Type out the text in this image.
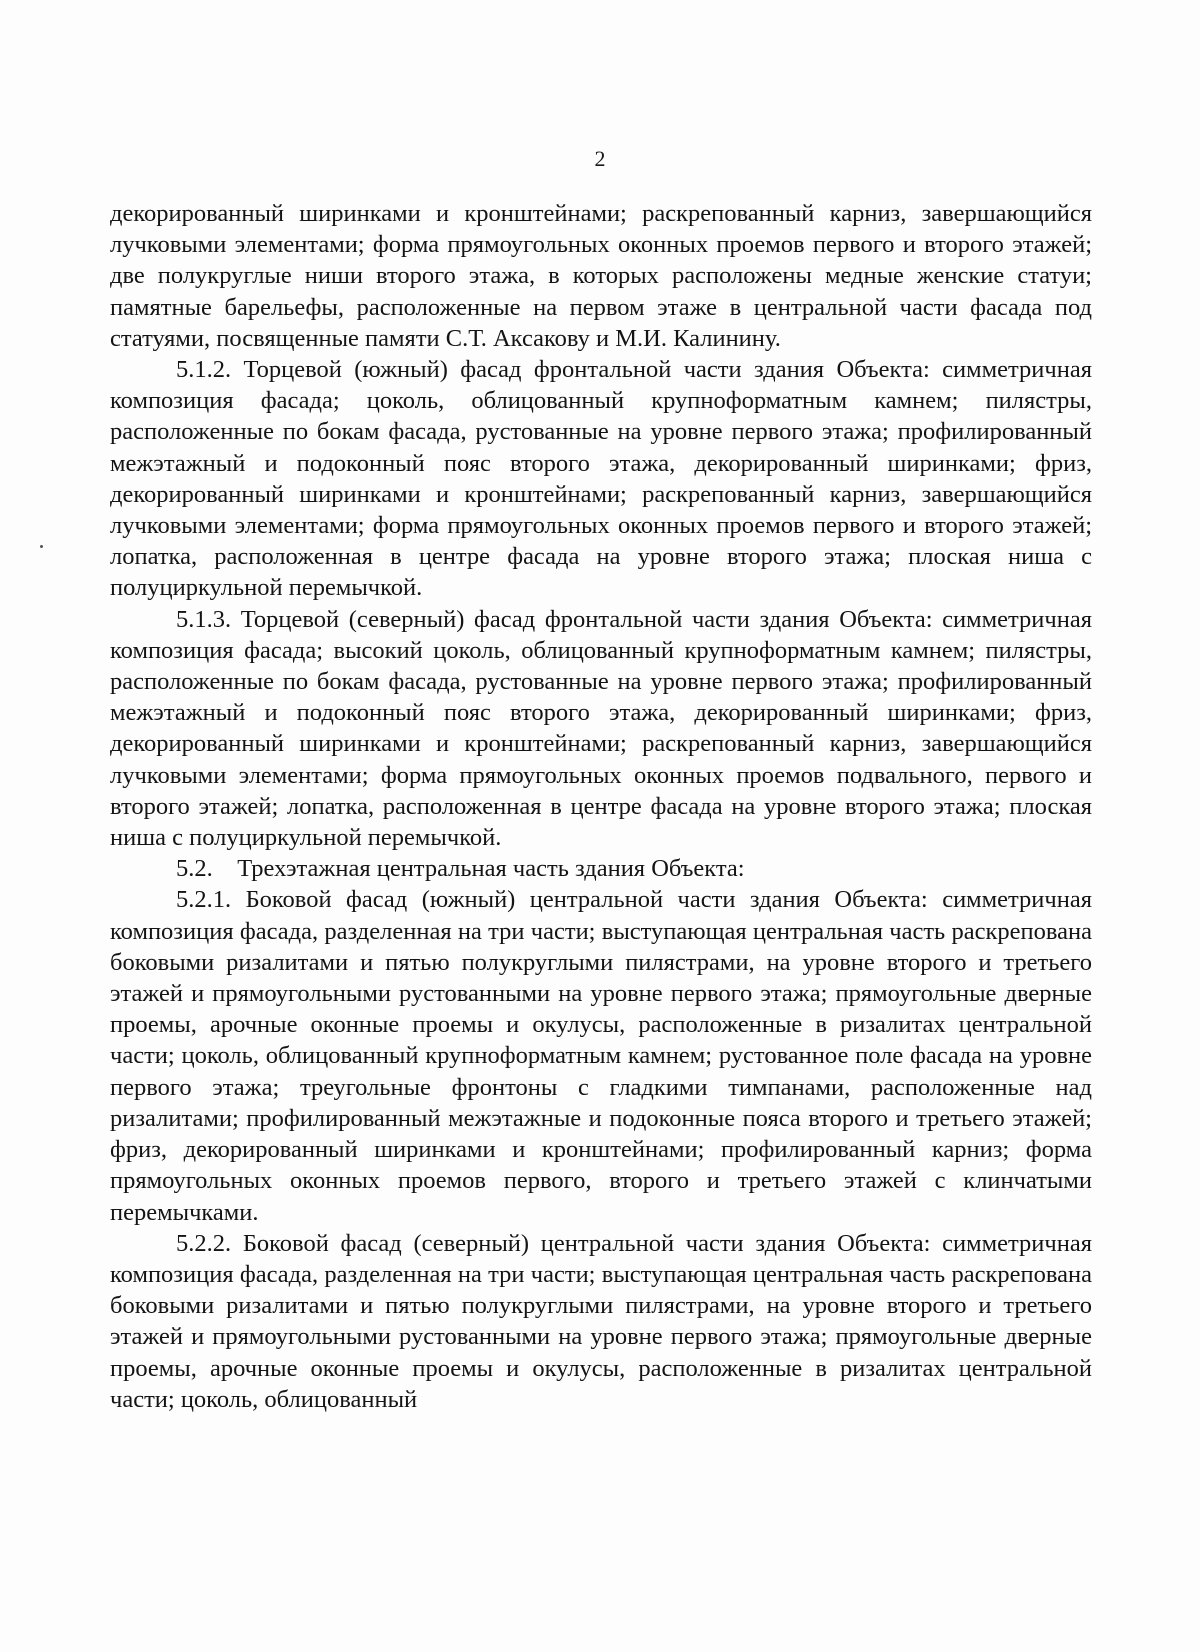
2

декорированный ширинками и кронштейнами; раскрепованный карниз, завершающийся лучковыми элементами; форма прямоугольных оконных проемов первого и второго этажей; две полукруглые ниши второго этажа, в которых расположены медные женские статуи; памятные барельефы, расположенные на первом этаже в центральной части фасада под статуями, посвященные памяти С.Т. Аксакову и М.И. Калинину.

5.1.2. Торцевой (южный) фасад фронтальной части здания Объекта: симметричная композиция фасада; цоколь, облицованный крупноформатным камнем; пилястры, расположенные по бокам фасада, рустованные на уровне первого этажа; профилированный межэтажный и подоконный пояс второго этажа, декорированный ширинками; фриз, декорированный ширинками и кронштейнами; раскрепованный карниз, завершающийся лучковыми элементами; форма прямоугольных оконных проемов первого и второго этажей; лопатка, расположенная в центре фасада на уровне второго этажа; плоская ниша с полуциркульной перемычкой.

5.1.3. Торцевой (северный) фасад фронтальной части здания Объекта: симметричная композиция фасада; высокий цоколь, облицованный крупноформатным камнем; пилястры, расположенные по бокам фасада, рустованные на уровне первого этажа; профилированный межэтажный и подоконный пояс второго этажа, декорированный ширинками; фриз, декорированный ширинками и кронштейнами; раскрепованный карниз, завершающийся лучковыми элементами; форма прямоугольных оконных проемов подвального, первого и второго этажей; лопатка, расположенная в центре фасада на уровне второго этажа; плоская ниша с полуциркульной перемычкой.

5.2.    Трехэтажная центральная часть здания Объекта:

5.2.1. Боковой фасад (южный) центральной части здания Объекта: симметричная композиция фасада, разделенная на три части; выступающая центральная часть раскрепована боковыми ризалитами и пятью полукруглыми пилястрами, на уровне второго и третьего этажей и прямоугольными рустованными на уровне первого этажа; прямоугольные дверные проемы, арочные оконные проемы и окулусы, расположенные в ризалитах центральной части; цоколь, облицованный крупноформатным камнем; рустованное поле фасада на уровне первого этажа; треугольные фронтоны с гладкими тимпанами, расположенные над ризалитами; профилированный межэтажные и подоконные пояса второго и третьего этажей; фриз, декорированный ширинками и кронштейнами; профилированный карниз; форма прямоугольных оконных проемов первого, второго и третьего этажей с клинчатыми перемычками.

5.2.2. Боковой фасад (северный) центральной части здания Объекта: симметричная композиция фасада, разделенная на три части; выступающая центральная часть раскрепована боковыми ризалитами и пятью полукруглыми пилястрами, на уровне второго и третьего этажей и прямоугольными рустованными на уровне первого этажа; прямоугольные дверные проемы, арочные оконные проемы и окулусы, расположенные в ризалитах центральной части; цоколь, облицованный
